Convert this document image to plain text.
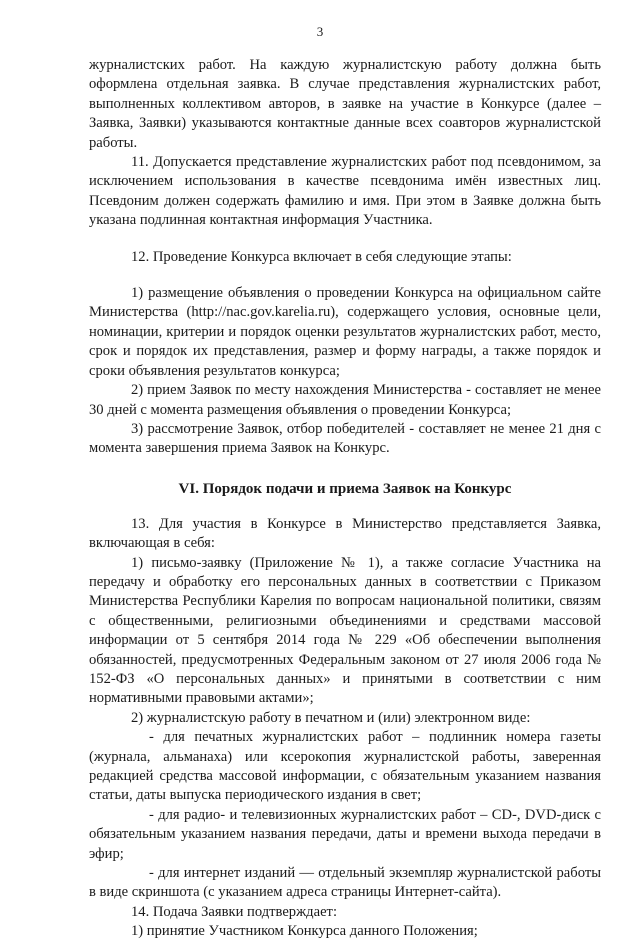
3

журналистских работ. На каждую журналистскую работу должна быть оформлена отдельная заявка. В случае представления журналистских работ, выполненных коллективом авторов, в заявке на участие в Конкурсе (далее – Заявка, Заявки) указываются контактные данные всех соавторов журналистской работы.

11. Допускается представление журналистских работ под псевдонимом, за исключением использования в качестве псевдонима имён известных лиц. Псевдоним должен содержать фамилию и имя. При этом в Заявке должна быть указана подлинная контактная информация Участника.

12. Проведение Конкурса включает в себя следующие этапы:

1) размещение объявления о проведении Конкурса на официальном сайте Министерства (http://nac.gov.karelia.ru), содержащего условия, основные цели, номинации, критерии и порядок оценки результатов журналистских работ, место, срок и порядок их представления, размер и форму награды, а также порядок и сроки объявления результатов конкурса;

2) прием Заявок по месту нахождения Министерства - составляет не менее 30 дней с момента размещения объявления о проведении Конкурса;

3) рассмотрение Заявок, отбор победителей - составляет не менее 21 дня с момента завершения приема Заявок на Конкурс.

VI. Порядок подачи и приема Заявок на Конкурс

13. Для участия в Конкурсе в Министерство представляется Заявка, включающая в себя:

1) письмо-заявку (Приложение № 1), а также согласие Участника на передачу и обработку его персональных данных в соответствии с Приказом Министерства Республики Карелия по вопросам национальной политики, связям с общественными, религиозными объединениями и средствами массовой информации от 5 сентября 2014 года № 229 «Об обеспечении выполнения обязанностей, предусмотренных Федеральным законом от 27 июля 2006 года № 152-ФЗ «О персональных данных» и принятыми в соответствии с ним нормативными правовыми актами»;

2) журналистскую работу в печатном и (или) электронном виде:

- для печатных журналистских работ – подлинник номера газеты (журнала, альманаха) или ксерокопия журналистской работы, заверенная редакцией средства массовой информации, с обязательным указанием названия статьи, даты выпуска периодического издания в свет;

- для радио- и телевизионных журналистских работ – CD-, DVD-диск с обязательным указанием названия передачи, даты и времени выхода передачи в эфир;

- для интернет изданий — отдельный экземпляр журналистской работы в виде скриншота (с указанием адреса страницы Интернет-сайта).

14. Подача Заявки подтверждает:

1) принятие Участником Конкурса данного Положения;
